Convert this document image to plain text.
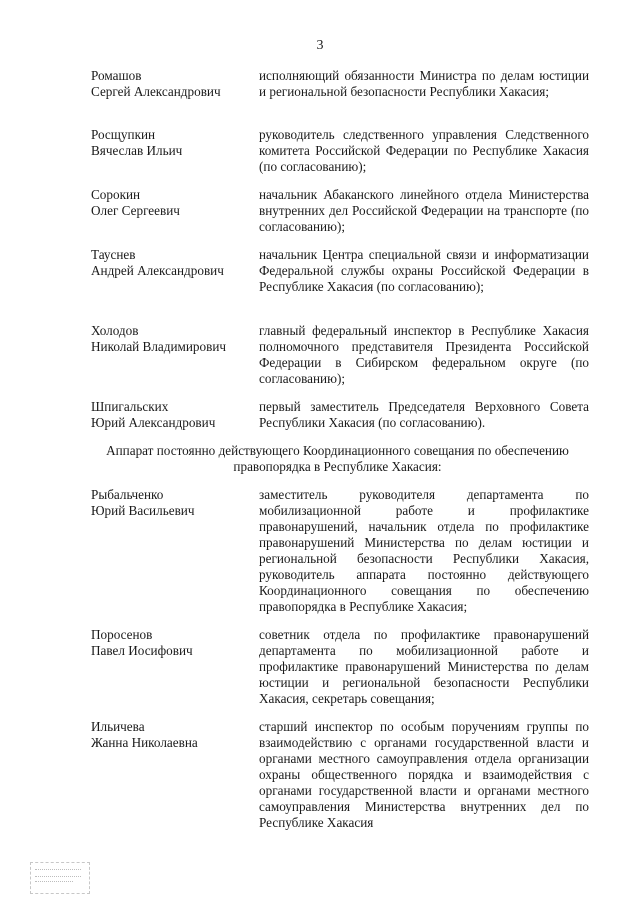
3
Ромашов
Сергей Александрович
исполняющий обязанности Министра по делам юстиции и региональной безопасности Республики Хакасия;
Росщупкин
Вячеслав Ильич
руководитель следственного управления Следственного комитета Российской Федерации по Республике Хакасия (по согласованию);
Сорокин
Олег Сергеевич
начальник Абаканского линейного отдела Министерства внутренних дел Российской Федерации на транспорте (по согласованию);
Тауснев
Андрей Александрович
начальник Центра специальной связи и информатизации Федеральной службы охраны Российской Федерации в Республике Хакасия (по согласованию);
Холодов
Николай Владимирович
главный федеральный инспектор в Республике Хакасия полномочного представителя Президента Российской Федерации в Сибирском федеральном округе (по согласованию);
Шпигальских
Юрий Александрович
первый заместитель Председателя Верховного Совета Республики Хакасия (по согласованию).
Аппарат постоянно действующего Координационного совещания по обеспечению правопорядка в Республике Хакасия:
Рыбальченко
Юрий Васильевич
заместитель руководителя департамента по мобилизационной работе и профилактике правонарушений, начальник отдела по профилактике правонарушений Министерства по делам юстиции и региональной безопасности Республики Хакасия, руководитель аппарата постоянно действующего Координационного совещания по обеспечению правопорядка в Республике Хакасия;
Поросенов
Павел Иосифович
советник отдела по профилактике правонарушений департамента по мобилизационной работе и профилактике правонарушений Министерства по делам юстиции и региональной безопасности Республики Хакасия, секретарь совещания;
Ильичева
Жанна Николаевна
старший инспектор по особым поручениям группы по взаимодействию с органами государственной власти и органами местного самоуправления отдела организации охраны общественного порядка и взаимодействия с органами государственной власти и органами местного самоуправления Министерства внутренних дел по Республике Хакасия
